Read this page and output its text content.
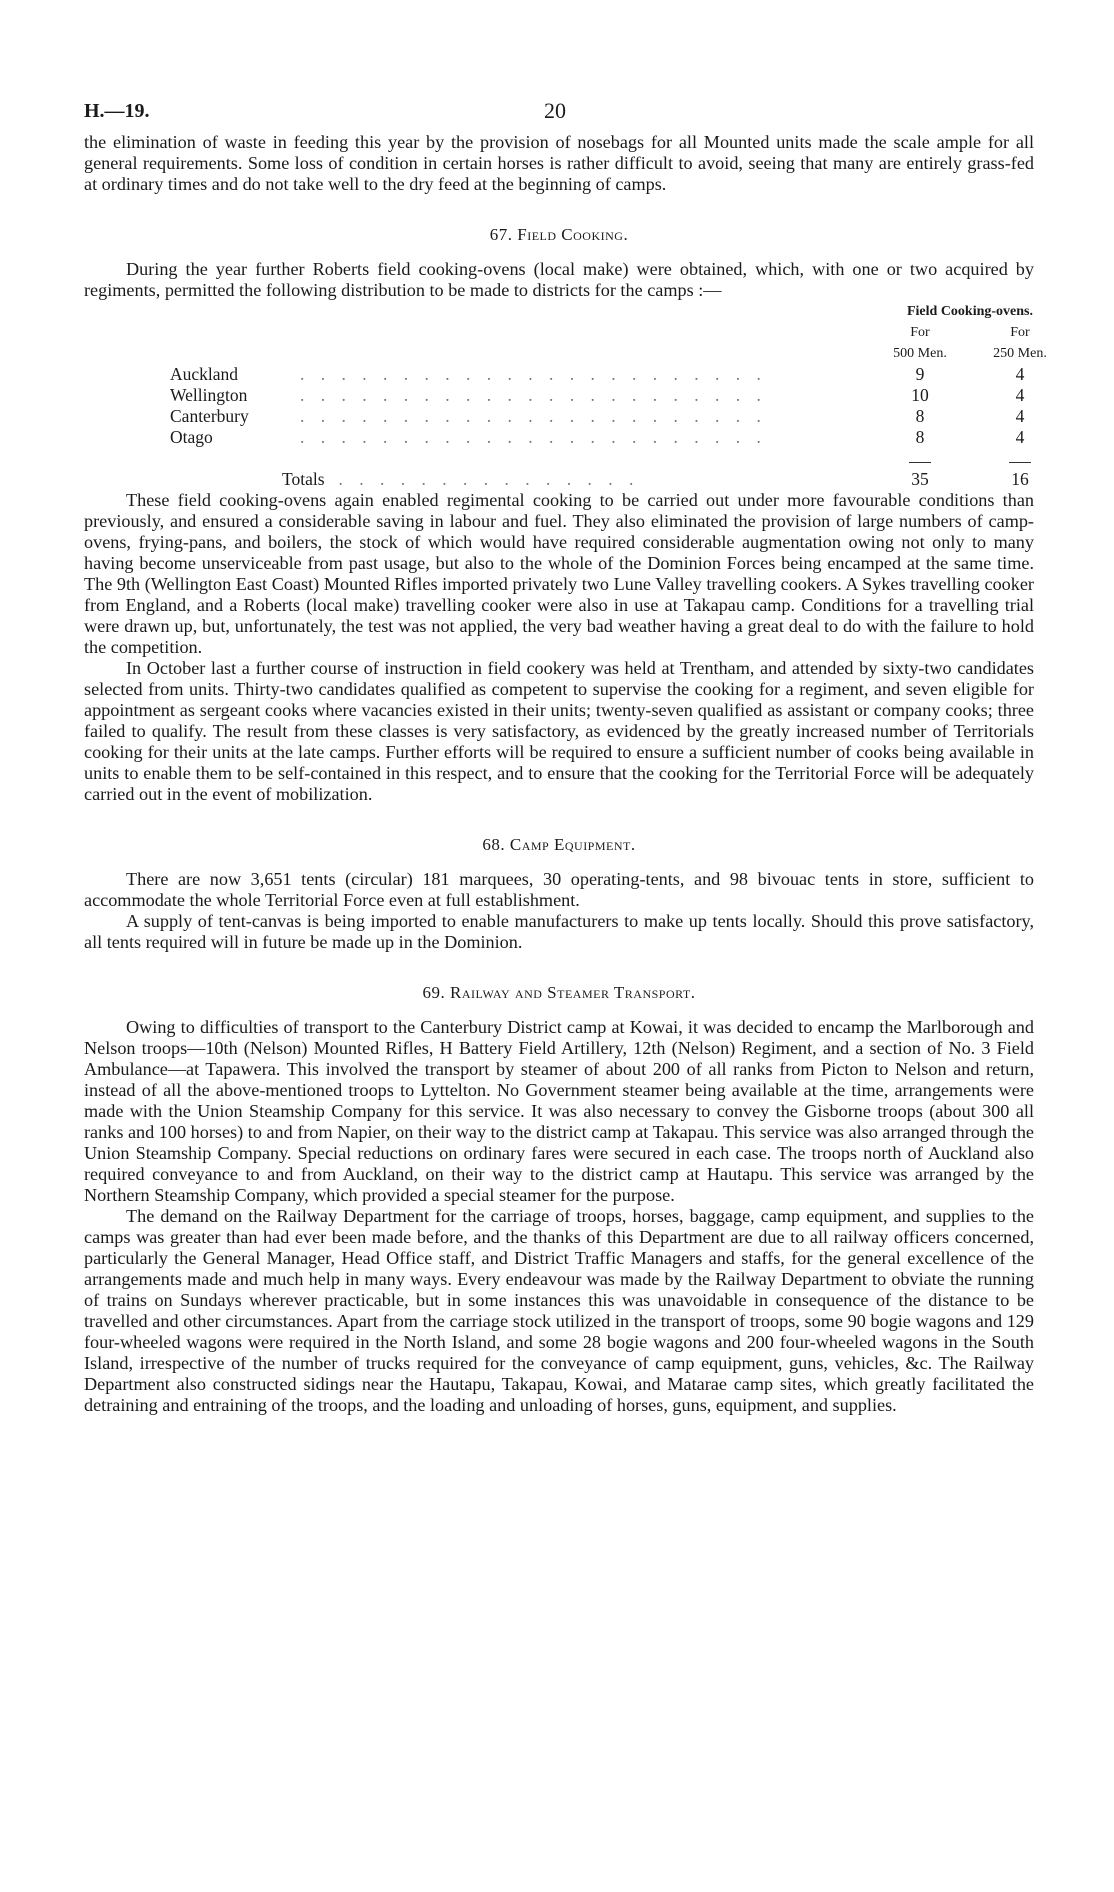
H.—19.	20

the elimination of waste in feeding this year by the provision of nosebags for all Mounted units made the scale ample for all general requirements. Some loss of condition in certain horses is rather difficult to avoid, seeing that many are entirely grass-fed at ordinary times and do not take well to the dry feed at the beginning of camps.

67. Field Cooking.

During the year further Roberts field cooking-ovens (local make) were obtained, which, with one or two acquired by regiments, permitted the following distribution to be made to districts for the camps :—

		Field Cooking-ovens.	
		For	For
		500 Men.	250 Men.
Auckland	. . . . . . . . . . . . . . . . . . . . . . .	9	4
Wellington	. . . . . . . . . . . . . . . . . . . . . . .	10	4
Canterbury	. . . . . . . . . . . . . . . . . . . . . . .	8	4
Otago	. . . . . . . . . . . . . . . . . . . . . . .	8	4

	Totals . . . . . . . . . . . . . . .	35	16

These field cooking-ovens again enabled regimental cooking to be carried out under more favourable conditions than previously, and ensured a considerable saving in labour and fuel. They also eliminated the provision of large numbers of camp-ovens, frying-pans, and boilers, the stock of which would have required considerable augmentation owing not only to many having become unserviceable from past usage, but also to the whole of the Dominion Forces being encamped at the same time. The 9th (Wellington East Coast) Mounted Rifles imported privately two Lune Valley travelling cookers. A Sykes travelling cooker from England, and a Roberts (local make) travelling cooker were also in use at Takapau camp. Conditions for a travelling trial were drawn up, but, unfortunately, the test was not applied, the very bad weather having a great deal to do with the failure to hold the competition.

In October last a further course of instruction in field cookery was held at Trentham, and attended by sixty-two candidates selected from units. Thirty-two candidates qualified as competent to supervise the cooking for a regiment, and seven eligible for appointment as sergeant cooks where vacancies existed in their units; twenty-seven qualified as assistant or company cooks; three failed to qualify. The result from these classes is very satisfactory, as evidenced by the greatly increased number of Territorials cooking for their units at the late camps. Further efforts will be required to ensure a sufficient number of cooks being available in units to enable them to be self-contained in this respect, and to ensure that the cooking for the Territorial Force will be adequately carried out in the event of mobilization.

68. Camp Equipment.

There are now 3,651 tents (circular) 181 marquees, 30 operating-tents, and 98 bivouac tents in store, sufficient to accommodate the whole Territorial Force even at full establishment.

A supply of tent-canvas is being imported to enable manufacturers to make up tents locally. Should this prove satisfactory, all tents required will in future be made up in the Dominion.

69. Railway and Steamer Transport.

Owing to difficulties of transport to the Canterbury District camp at Kowai, it was decided to encamp the Marlborough and Nelson troops—10th (Nelson) Mounted Rifles, H Battery Field Artillery, 12th (Nelson) Regiment, and a section of No. 3 Field Ambulance—at Tapawera. This involved the transport by steamer of about 200 of all ranks from Picton to Nelson and return, instead of all the above-mentioned troops to Lyttelton. No Government steamer being available at the time, arrangements were made with the Union Steamship Company for this service. It was also necessary to convey the Gisborne troops (about 300 all ranks and 100 horses) to and from Napier, on their way to the district camp at Takapau. This service was also arranged through the Union Steamship Company. Special reductions on ordinary fares were secured in each case. The troops north of Auckland also required conveyance to and from Auckland, on their way to the district camp at Hautapu. This service was arranged by the Northern Steamship Company, which provided a special steamer for the purpose.

The demand on the Railway Department for the carriage of troops, horses, baggage, camp equipment, and supplies to the camps was greater than had ever been made before, and the thanks of this Department are due to all railway officers concerned, particularly the General Manager, Head Office staff, and District Traffic Managers and staffs, for the general excellence of the arrangements made and much help in many ways. Every endeavour was made by the Railway Department to obviate the running of trains on Sundays wherever practicable, but in some instances this was unavoidable in consequence of the distance to be travelled and other circumstances. Apart from the carriage stock utilized in the transport of troops, some 90 bogie wagons and 129 four-wheeled wagons were required in the North Island, and some 28 bogie wagons and 200 four-wheeled wagons in the South Island, irrespective of the number of trucks required for the conveyance of camp equipment, guns, vehicles, &c. The Railway Department also constructed sidings near the Hautapu, Takapau, Kowai, and Matarae camp sites, which greatly facilitated the detraining and entraining of the troops, and the loading and unloading of horses, guns, equipment, and supplies.
